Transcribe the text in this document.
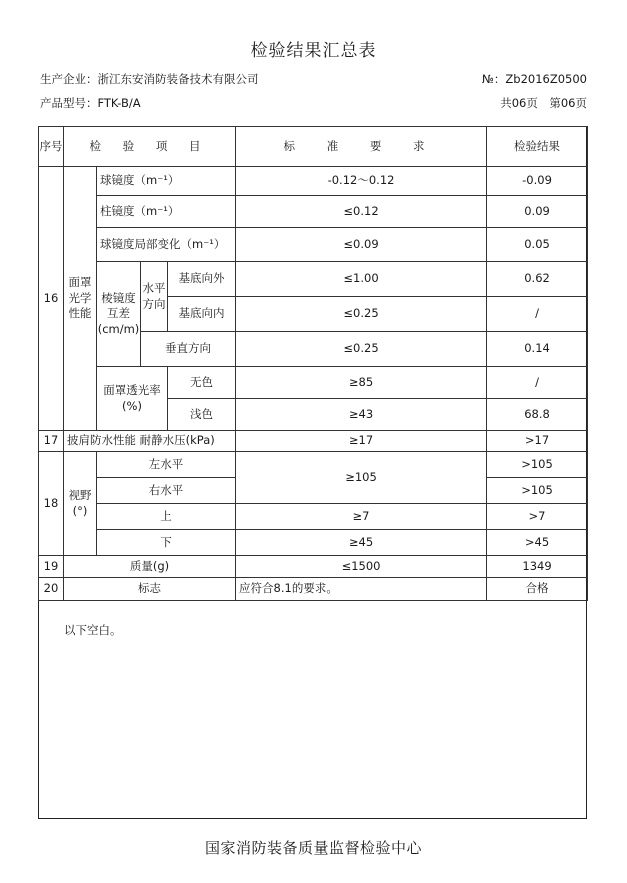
检验结果汇总表
生产企业：浙江东安消防装备技术有限公司	№：Zb2016Z0500
产品型号：FTK-B/A	共06页　第06页
序号	检 验 项 目				标 准 要 求	检验结果
16	面罩光学性能	球镜度（m⁻¹）			-0.12～0.12	-0.09
		柱镜度（m⁻¹）			≤0.12	0.09
		球镜度局部变化（m⁻¹）			≤0.09	0.05
		棱镜度互差(cm/m)	水平方向	基底向外	≤1.00	0.62
				基底向内	≤0.25	/
			垂直方向		≤0.25	0.14
		面罩透光率(%)		无色	≥85	/
				浅色	≥43	68.8
17	披肩防水性能 耐静水压(kPa)				≥17	>17
18	视野(°)	左水平			≥105	>105
		右水平				>105
		上			≥7	>7
		下			≥45	>45
19	质量(g)				≤1500	1349
20	标志				应符合8.1的要求。	合格
以下空白。
国家消防装备质量监督检验中心
